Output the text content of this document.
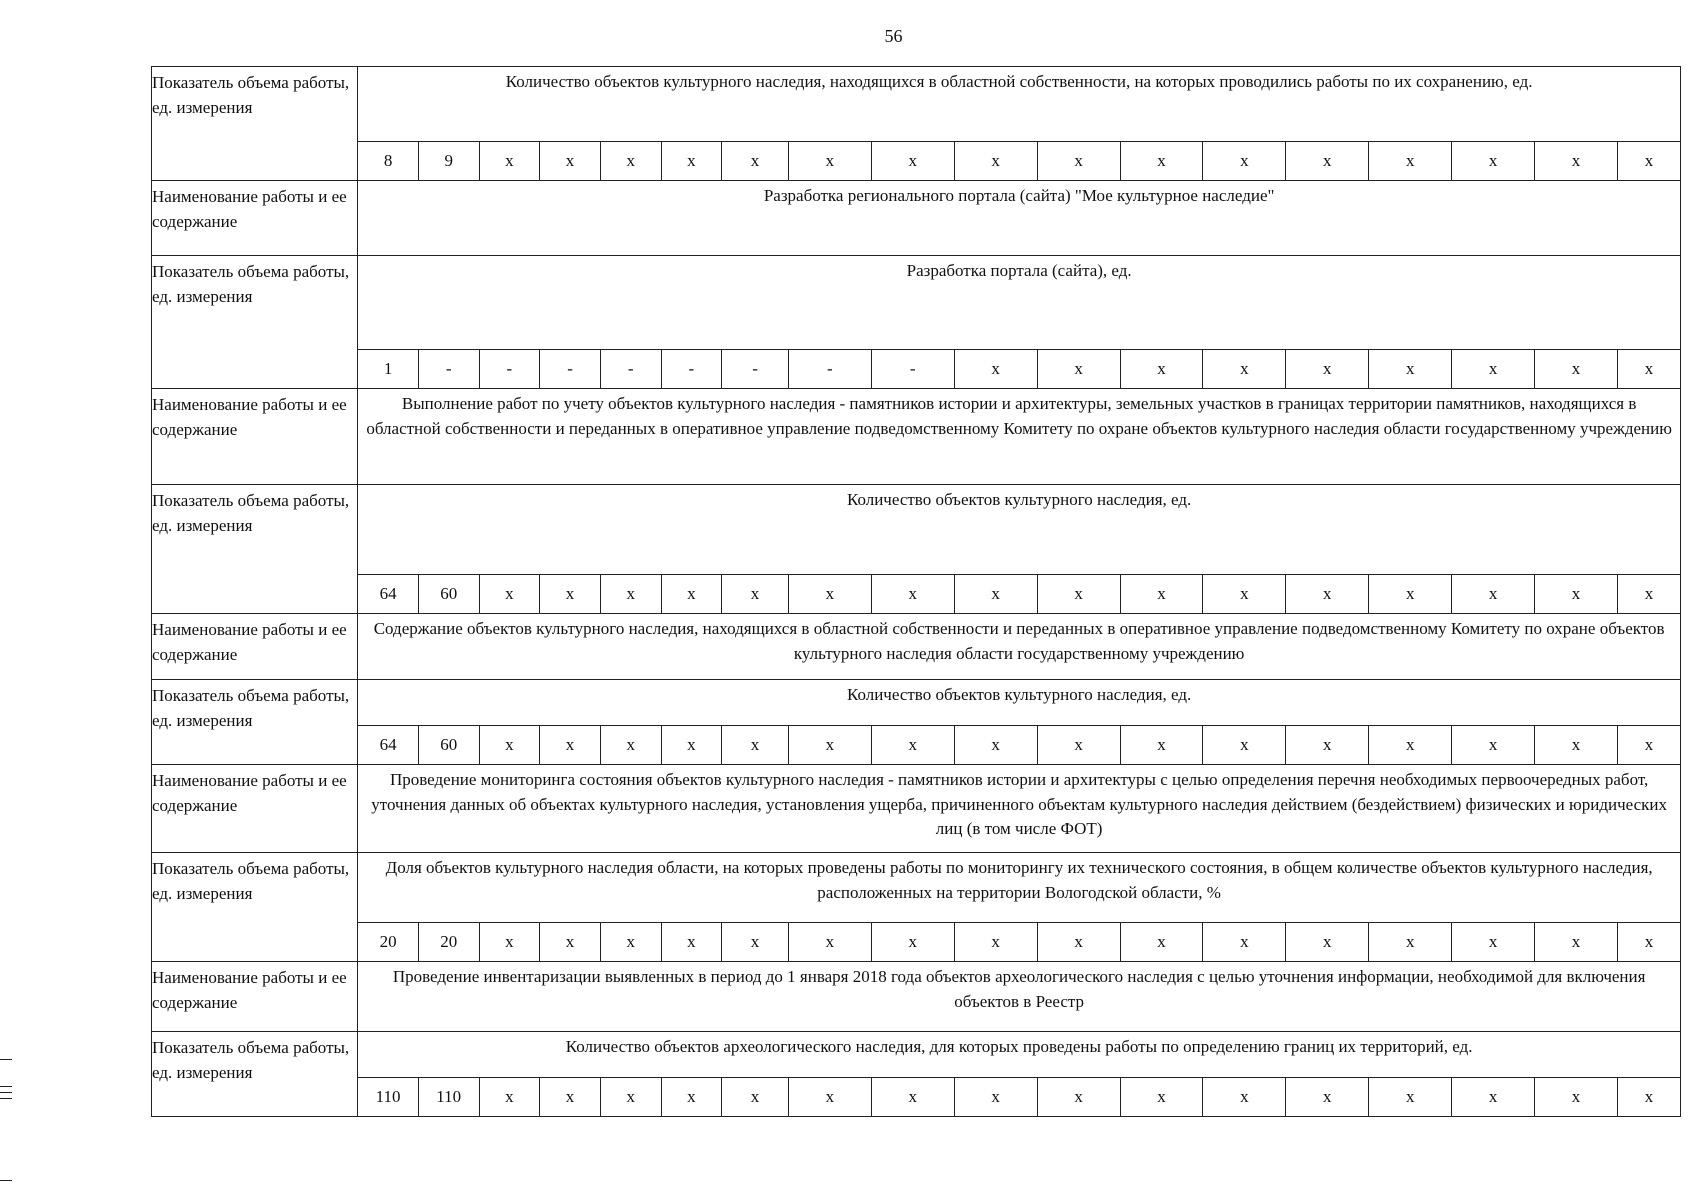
56
Показатель объема работы, ед. измерения	Количество объектов культурного наследия, находящихся в областной собственности, на которых проводились работы по их сохранению, ед.																	
	8	9	х	х	х	х	х	х	х	х	х	х	х	х	х	х	х	х
Наименование работы и ее содержание	Разработка регионального портала (сайта) "Мое культурное наследие"																	
Показатель объема работы, ед. измерения	Разработка портала (сайта), ед.																	
	1	-	-	-	-	-	-	-	-	х	х	х	х	х	х	х	х	х
Наименование работы и ее содержание	Выполнение работ по учету объектов культурного наследия - памятников истории и архитектуры, земельных участков в границах территории памятников, находящихся в областной собственности и переданных в оперативное управление подведомственному Комитету по охране объектов культурного наследия области государственному учреждению																	
Показатель объема работы, ед. измерения	Количество объектов культурного наследия, ед.																	
	64	60	х	х	х	х	х	х	х	х	х	х	х	х	х	х	х	х
Наименование работы и ее содержание	Содержание объектов культурного наследия, находящихся в областной собственности и переданных в оперативное управление подведомственному Комитету по охране объектов культурного наследия области государственному учреждению																	
Показатель объема работы, ед. измерения	Количество объектов культурного наследия, ед.																	
	64	60	х	х	х	х	х	х	х	х	х	х	х	х	х	х	х	х
Наименование работы и ее содержание	Проведение мониторинга состояния объектов культурного наследия - памятников истории и архитектуры с целью определения перечня необходимых первоочередных работ, уточнения данных об объектах культурного наследия, установления ущерба, причиненного объектам культурного наследия действием (бездействием) физических и юридических лиц (в том числе ФОТ)																	
Показатель объема работы, ед. измерения	Доля объектов культурного наследия области, на которых проведены работы по мониторингу их технического состояния, в общем количестве объектов культурного наследия, расположенных на территории Вологодской области, %																	
	20	20	х	х	х	х	х	х	х	х	х	х	х	х	х	х	х	х
Наименование работы и ее содержание	Проведение инвентаризации выявленных в период до 1 января 2018 года объектов археологического наследия с целью уточнения информации, необходимой для включения объектов в Реестр																	
Показатель объема работы, ед. измерения	Количество объектов археологического наследия, для которых проведены работы по определению границ их территорий, ед.																	
	110	110	х	х	х	х	х	х	х	х	х	х	х	х	х	х	х	х
